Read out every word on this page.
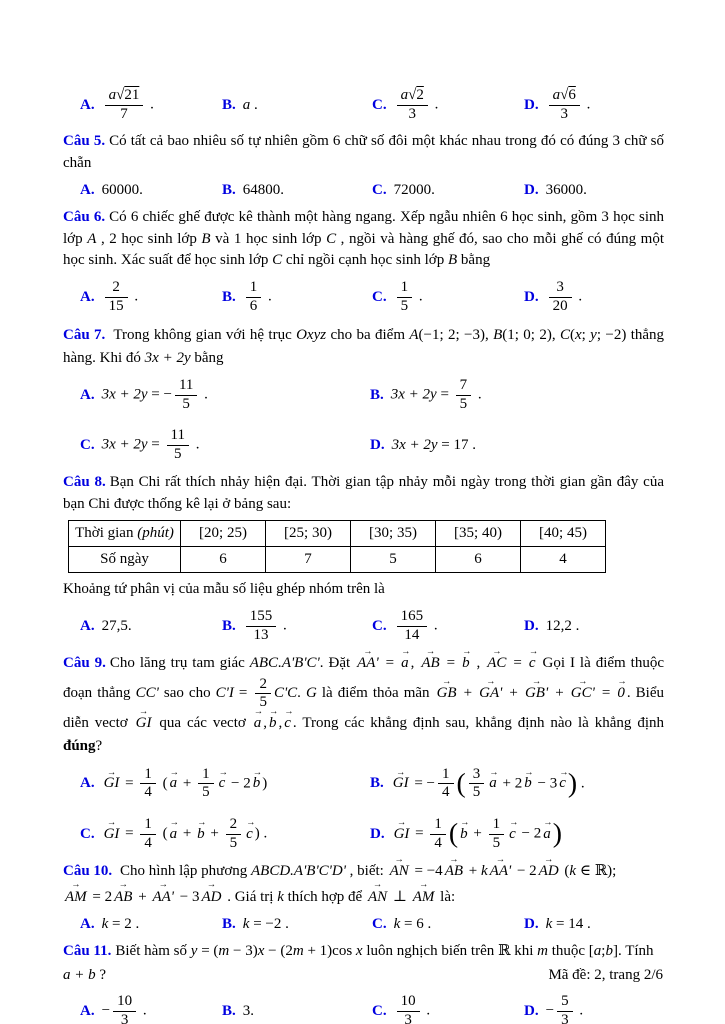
A. $\frac{a√21}{7}$ .	B. a .	C. $\frac{a√2}{3}$ .	D. $\frac{a√6}{3}$ .
Câu 5. Có tất cả bao nhiêu số tự nhiên gồm 6 chữ số đôi một khác nhau trong đó có đúng 3 chữ số chẵn
A. 60000.	B. 64800.	C. 72000.	D. 36000.
Câu 6. Có 6 chiếc ghế được kê thành một hàng ngang. Xếp ngẫu nhiên 6 học sinh, gồm 3 học sinh lớp A , 2 học sinh lớp B và 1 học sinh lớp C , ngồi và hàng ghế đó, sao cho mỗi ghế có đúng một học sinh. Xác suất để học sinh lớp C chỉ ngồi cạnh học sinh lớp B bằng
A. $\frac{2}{15}$ .	B. $\frac{1}{6}$ .	C. $\frac{1}{5}$ .	D. $\frac{3}{20}$ .
Câu 7. Trong không gian với hệ trục Oxyz cho ba điểm A(−1; 2; −3), B(1; 0; 2), C(x; y; −2) thẳng hàng. Khi đó 3x + 2y bằng
A. 3x + 2y = − $\frac{11}{5}$ .	B. $3x + 2y = \frac{7}{5}$ .
C. $3x + 2y = \frac{11}{5}$ .	D. 3x + 2y = 17 .
Câu 8. Bạn Chi rất thích nhảy hiện đại. Thời gian tập nhảy mỗi ngày trong thời gian gần đây của bạn Chi được thống kê lại ở bảng sau:
Thời gian (phút)	[20; 25)	[25; 30)	[30; 35)	[35; 40)	[40; 45)
Số ngày	6	7	5	6	4
Khoảng tứ phân vị của mẫu số liệu ghép nhóm trên là
A. 27,5.	B. $\frac{155}{13}$ .	C. $\frac{165}{14}$ .	D. 12,2 .
Câu 9. Cho lăng trụ tam giác ABC.A'B'C'. Đặt AA' → = a → , AB → = b → , AC → = c → Gọi I là điểm thuộc đoạn thẳng CC' sao cho $C'I = \frac{2}{5} C'C$. G là điểm thỏa mãn GB → + GA' → + GB' → + GC' → = 0 → . Biểu diễn vectơ GI → qua các vectơ a → , b → , c → . Trong các khẳng định sau, khẳng định nào là khẳng định đúng?
A. GI → = $\frac{1}{4}$ ( a → + $\frac{1}{5}$ c → − 2 b → )	B. GI → = − $\frac{1}{4}$ ( $\frac{3}{5}$ a → + 2 b → − 3 c →) .
C. GI → = $\frac{1}{4}$ ( a → + b → + $\frac{2}{5}$ c → ) .	D. GI → = $\frac{1}{4}$ ( b → + $\frac{1}{5}$ c → − 2 a →)
Câu 10. Cho hình lập phương ABCD.A'B'C'D' , biết: AN → = −4 AB → + k AA' → − 2 AD → (k ∈ ℝ);
AM → = 2 AB → + AA' → − 3 AD → . Giá trị k thích hợp để AN → ⊥ AM → là:
A. k = 2 .	B. k = −2 .	C. k = 6 .	D. k = 14 .
Câu 11. Biết hàm số y = (m − 3)x − (2m + 1)cos x luôn nghịch biến trên ℝ khi m thuộc [a;b]. Tính
a + b ?
A. − $\frac{10}{3}$ .	B. 3.	C. $\frac{10}{3}$ .	D. − $\frac{5}{3}$ .
Mã đề: 2, trang 2/6
